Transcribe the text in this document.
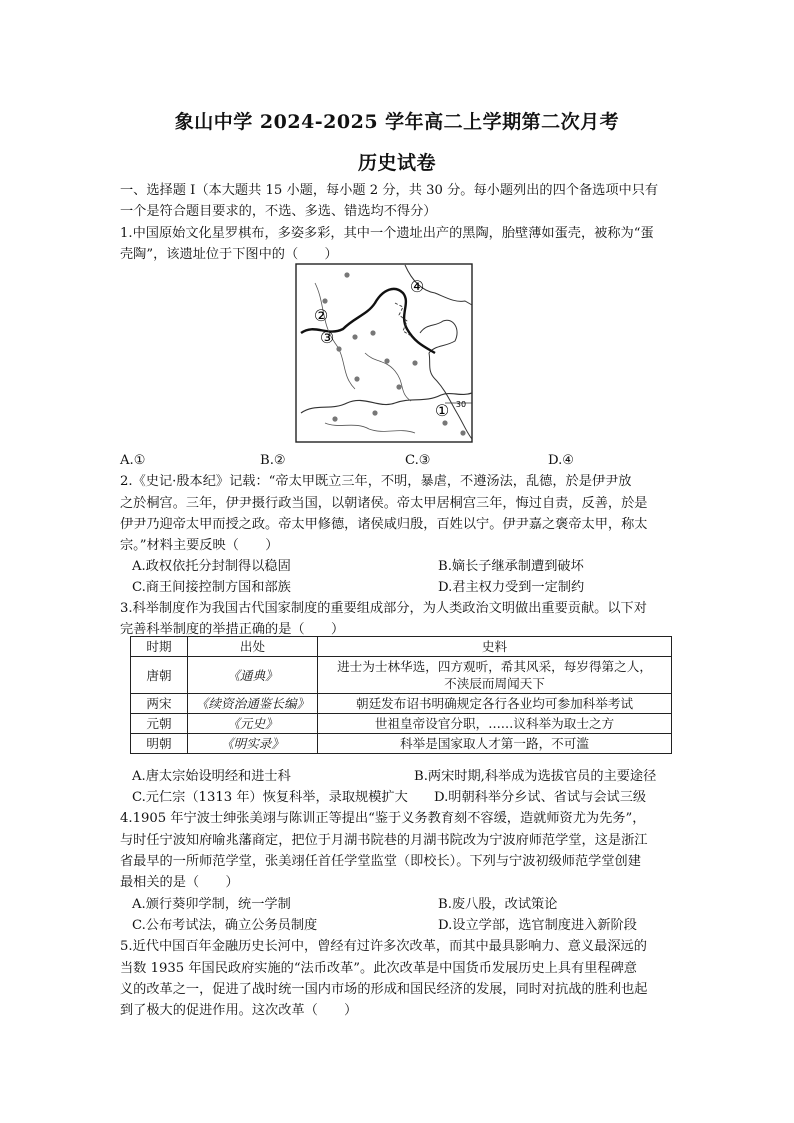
象山中学 2024-2025 学年高二上学期第二次月考
历史试卷
一、选择题 I（本大题共 15 小题，每小题 2 分，共 30 分。每小题列出的四个备选项中只有
一个是符合题目要求的，不选、多选、错选均不得分）
1.中国原始文化星罗棋布，多姿多彩，其中一个遗址出产的黑陶，胎壁薄如蛋壳，被称为“蛋
壳陶”，该遗址位于下图中的（　　）
④
②
③
① 30
A.①	B.②	C.③	D.④
2.《史记·殷本纪》记载：“帝太甲既立三年，不明，暴虐，不遵汤法，乱德，於是伊尹放
之於桐宫。三年，伊尹摄行政当国，以朝诸侯。帝太甲居桐宫三年，悔过自责，反善，於是
伊尹乃迎帝太甲而授之政。帝太甲修德，诸侯咸归殷，百姓以宁。伊尹嘉之褒帝太甲，称太
宗。”材料主要反映（　　）
A.政权依托分封制得以稳固	B.嫡长子继承制遭到破坏
C.商王间接控制方国和部族	D.君主权力受到一定制约
3.科举制度作为我国古代国家制度的重要组成部分，为人类政治文明做出重要贡献。以下对
完善科举制度的举措正确的是（　　）
时期	出处	史料
唐朝	《通典》	进士为士林华选，四方观听，希其风采，每岁得第之人，
不浃辰而周闻天下

两宋	《续资治通鉴长编》	朝廷发布诏书明确规定各行各业均可参加科举考试
元朝	《元史》	世祖皇帝设官分职，……议科举为取士之方
明朝	《明实录》	科举是国家取人才第一路，不可滥
A.唐太宗始设明经和进士科	B.两宋时期,科举成为选拔官员的主要途径
C.元仁宗（1313 年）恢复科举，录取规模扩大 D.明朝科举分乡试、省试与会试三级
4.1905 年宁波士绅张美翊与陈训正等提出“鉴于义务教育刻不容缓，造就师资尤为先务”，
与时任宁波知府喻兆藩商定，把位于月湖书院巷的月湖书院改为宁波府师范学堂，这是浙江
省最早的一所师范学堂，张美翊任首任学堂监堂（即校长）。下列与宁波初级师范学堂创建
最相关的是（　　）
A.颁行葵卯学制，统一学制	B.废八股，改试策论
C.公布考试法，确立公务员制度	D.设立学部，选官制度进入新阶段
5.近代中国百年金融历史长河中，曾经有过许多次改革，而其中最具影响力、意义最深远的
当数 1935 年国民政府实施的“法币改革”。此次改革是中国货币发展历史上具有里程碑意
义的改革之一，促进了战时统一国内市场的形成和国民经济的发展，同时对抗战的胜利也起
到了极大的促进作用。这次改革（　　）
